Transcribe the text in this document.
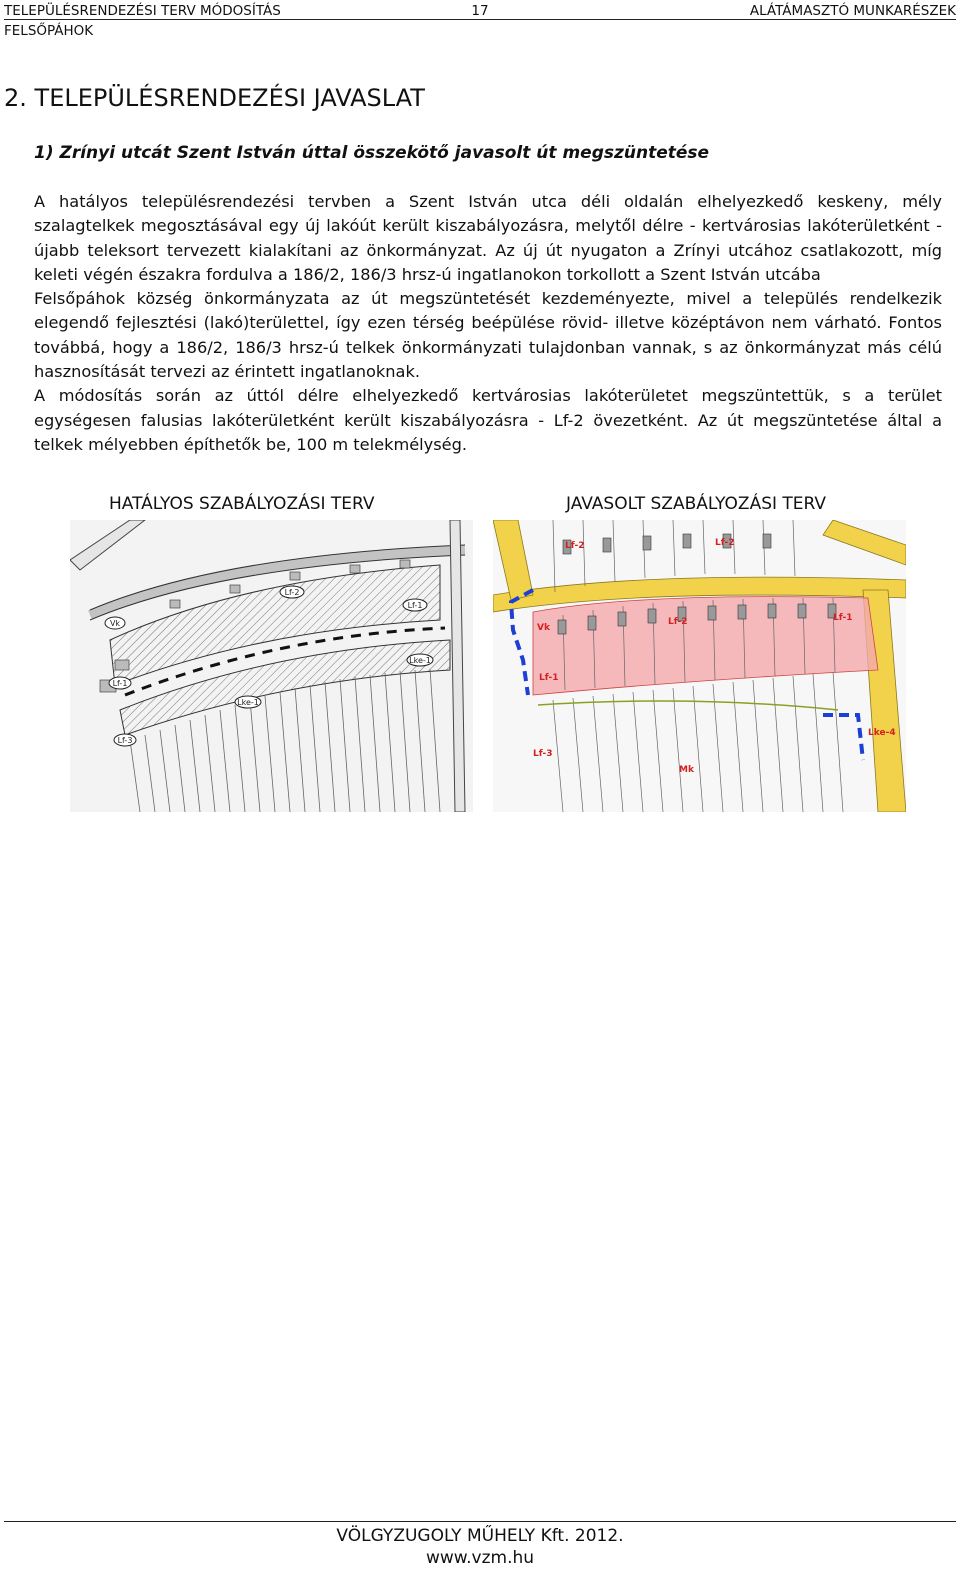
TELEPÜLÉSRENDEZÉSI TERV MÓDOSÍTÁS	17	ALÁTÁMASZTÓ MUNKARÉSZEK
FELSŐPÁHOK
2. TELEPÜLÉSRENDEZÉSI JAVASLAT
1) Zrínyi utcát Szent István úttal összekötő javasolt út megszüntetése

A hatályos településrendezési tervben a Szent István utca déli oldalán elhelyezkedő keskeny, mély szalagtelkek megosztásával egy új lakóút került kiszabályozásra, melytől délre - kertvárosias lakóterületként - újabb teleksort tervezett kialakítani az önkormányzat. Az új út nyugaton a Zrínyi utcához csatlakozott, míg keleti végén északra fordulva a 186/2, 186/3 hrsz-ú ingatlanokon torkollott a Szent István utcába

Felsőpáhok község önkormányzata az út megszüntetését kezdeményezte, mivel a település rendelkezik elegendő fejlesztési (lakó)területtel, így ezen térség beépülése rövid- illetve középtávon nem várható. Fontos továbbá, hogy a 186/2, 186/3 hrsz-ú telkek önkormányzati tulajdonban vannak, s az önkormányzat más célú hasznosítását tervezi az érintett ingatlanoknak.

A módosítás során az úttól délre elhelyezkedő kertvárosias lakóterületet megszüntettük, s a terület egységesen falusias lakóterületként került kiszabályozásra - Lf-2 övezetként. Az út megszüntetése által a telkek mélyebben építhetők be, 100 m telekmélység.

HATÁLYOS SZABÁLYOZÁSI TERV	JAVASOLT SZABÁLYOZÁSI TERV
Vk
Lf-2
Lf-1
Lf-1
Lke-1
Lf-3
Lke-1
Lf-2	Lf-2
Vk
Lf-2	Lf-1
Lf-1
Lf-3
Mk
Lke-4
VÖLGYZUGOLY MŰHELY Kft. 2012.
www.vzm.hu
